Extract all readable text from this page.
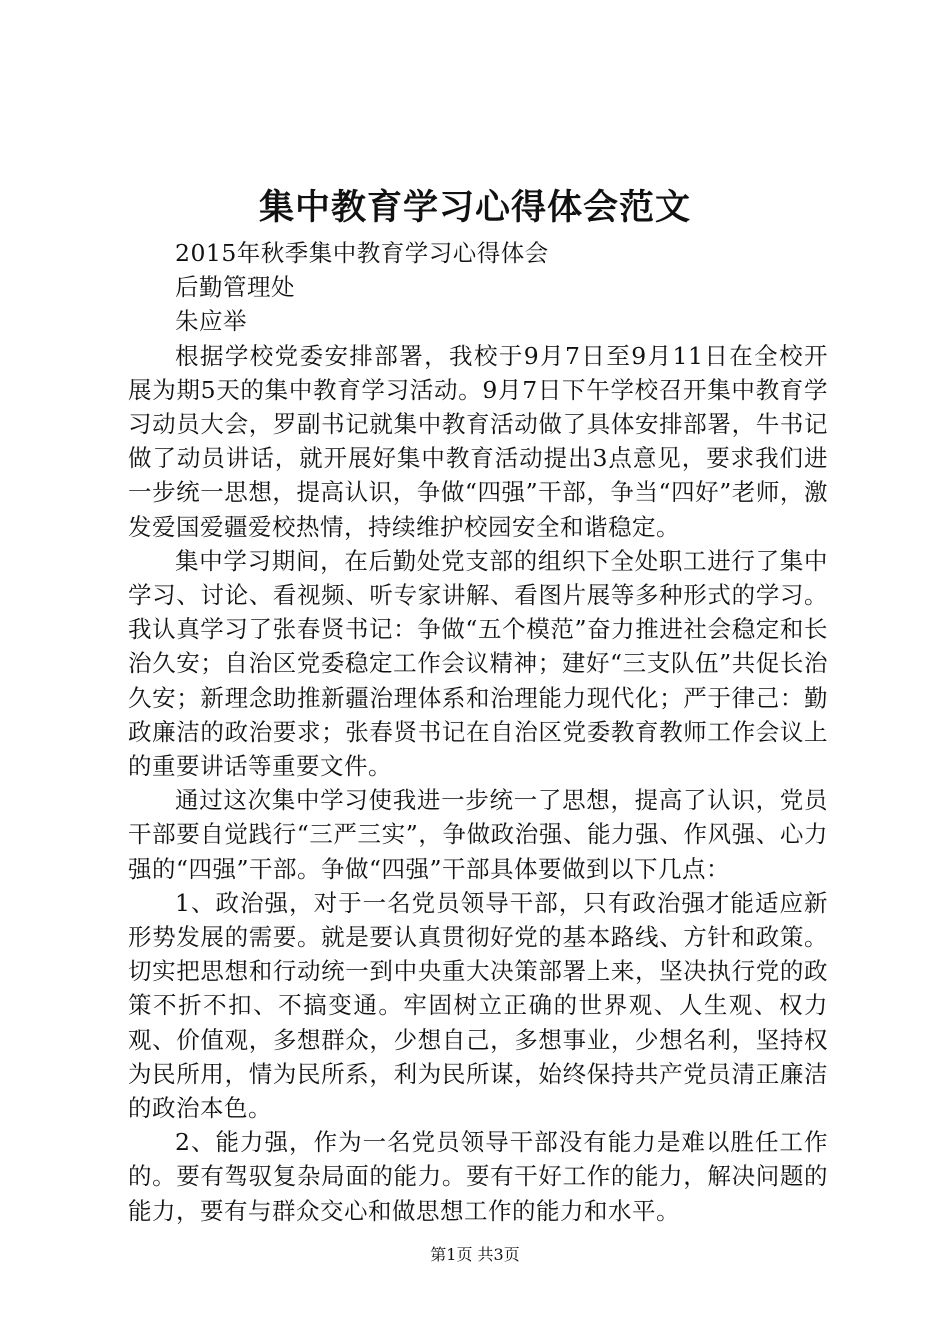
集中教育学习心得体会范文

2015年秋季集中教育学习心得体会

后勤管理处

朱应举

根据学校党委安排部署，我校于9月7日至9月11日在全校开展为期5天的集中教育学习活动。9月7日下午学校召开集中教育学习动员大会，罗副书记就集中教育活动做了具体安排部署，牛书记做了动员讲话，就开展好集中教育活动提出3点意见，要求我们进一步统一思想，提高认识，争做“四强”干部，争当“四好”老师，激发爱国爱疆爱校热情，持续维护校园安全和谐稳定。

集中学习期间，在后勤处党支部的组织下全处职工进行了集中学习、讨论、看视频、听专家讲解、看图片展等多种形式的学习。我认真学习了张春贤书记：争做“五个模范”奋力推进社会稳定和长治久安；自治区党委稳定工作会议精神；建好“三支队伍”共促长治久安；新理念助推新疆治理体系和治理能力现代化；严于律己：勤政廉洁的政治要求；张春贤书记在自治区党委教育教师工作会议上的重要讲话等重要文件。

通过这次集中学习使我进一步统一了思想，提高了认识，党员干部要自觉践行“三严三实”，争做政治强、能力强、作风强、心力强的“四强”干部。争做“四强”干部具体要做到以下几点：

1、政治强，对于一名党员领导干部，只有政治强才能适应新形势发展的需要。就是要认真贯彻好党的基本路线、方针和政策。切实把思想和行动统一到中央重大决策部署上来，坚决执行党的政策不折不扣、不搞变通。牢固树立正确的世界观、人生观、权力观、价值观，多想群众，少想自己，多想事业，少想名利，坚持权为民所用，情为民所系，利为民所谋，始终保持共产党员清正廉洁的政治本色。

2、能力强，作为一名党员领导干部没有能力是难以胜任工作的。要有驾驭复杂局面的能力。要有干好工作的能力，解决问题的能力，要有与群众交心和做思想工作的能力和水平。

第1页 共3页
